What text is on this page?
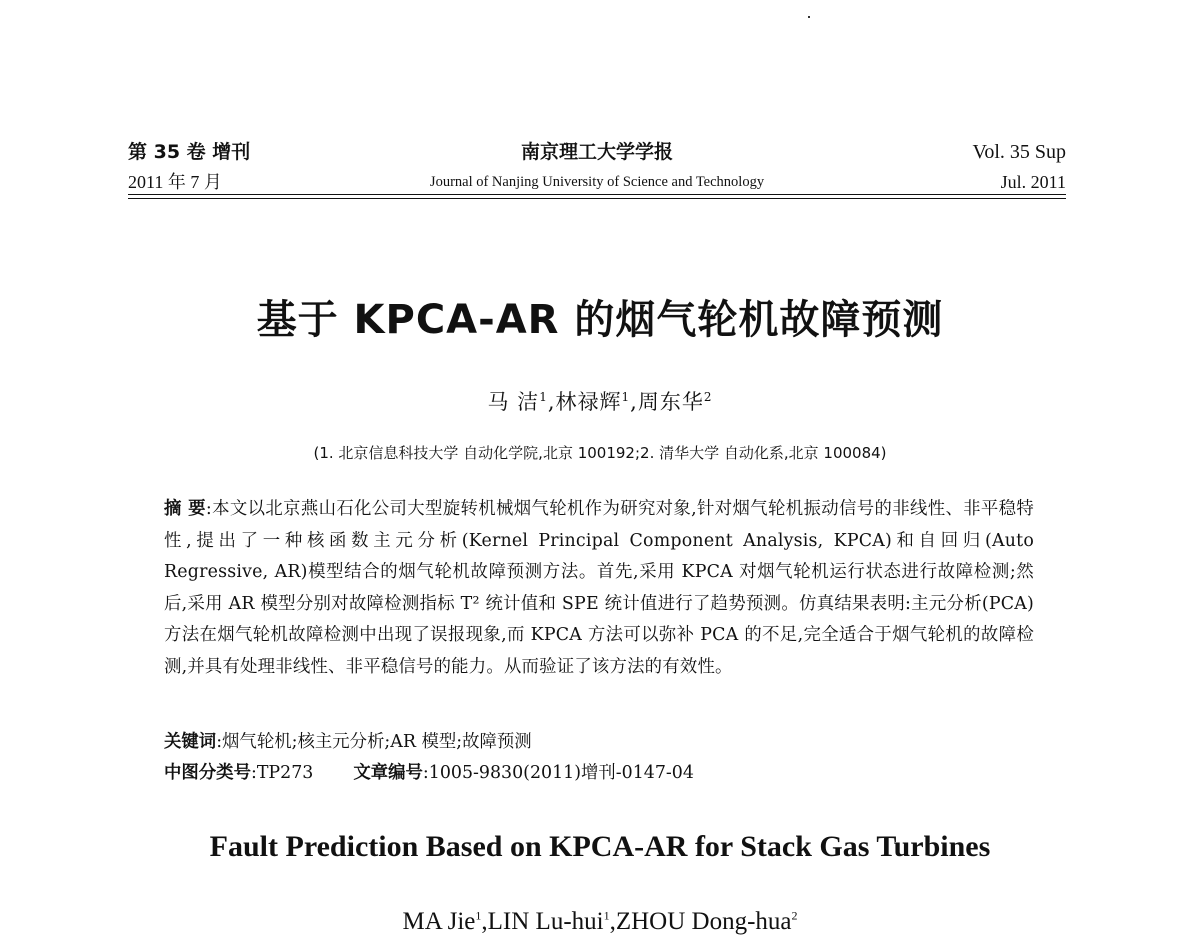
第 35 卷 增刊
2011 年 7 月
南京理工大学学报
Journal of Nanjing University of Science and Technology
Vol. 35 Sup
Jul. 2011
基于 KPCA-AR 的烟气轮机故障预测
马 洁$^1$,林禄辉$^1$,周东华$^2$
(1. 北京信息科技大学 自动化学院,北京 100192;2. 清华大学 自动化系,北京 100084)
摘 要:本文以北京燕山石化公司大型旋转机械烟气轮机作为研究对象,针对烟气轮机振动信号的非线性、非平稳特性,提出了一种核函数主元分析(Kernel Principal Component Analysis, KPCA)和自回归(Auto Regressive, AR)模型结合的烟气轮机故障预测方法。首先,采用 KPCA 对烟气轮机运行状态进行故障检测;然后,采用 AR 模型分别对故障检测指标 T² 统计值和 SPE 统计值进行了趋势预测。仿真结果表明:主元分析(PCA)方法在烟气轮机故障检测中出现了误报现象,而 KPCA 方法可以弥补 PCA 的不足,完全适合于烟气轮机的故障检测,并具有处理非线性、非平稳信号的能力。从而验证了该方法的有效性。
关键词:烟气轮机;核主元分析;AR 模型;故障预测
中图分类号:TP273 文章编号:1005-9830(2011)增刊-0147-04
Fault Prediction Based on KPCA-AR for Stack Gas Turbines
MA Jie$^1$,LIN Lu-hui$^1$,ZHOU Dong-hua$^2$
